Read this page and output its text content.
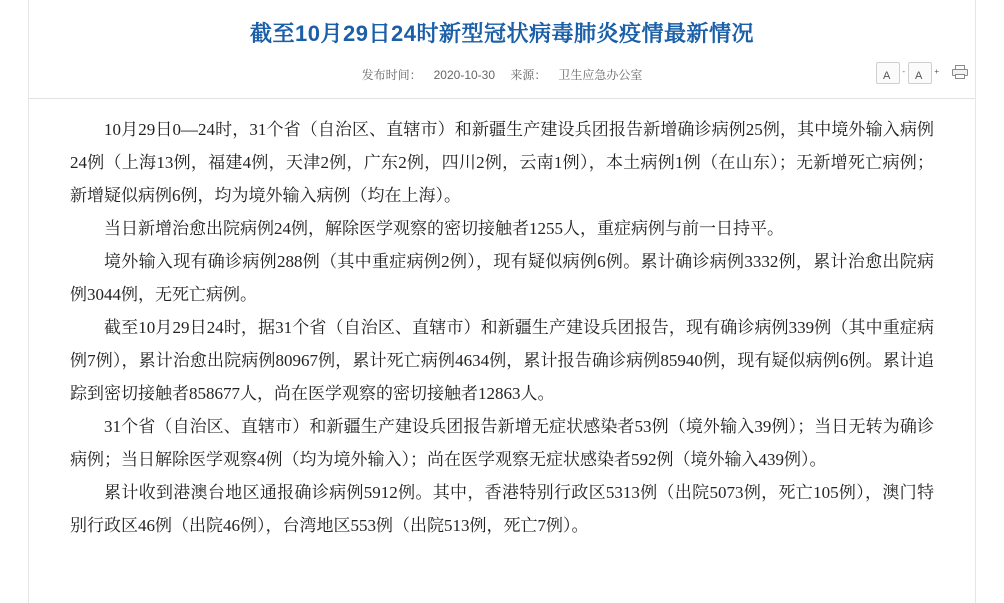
截至10月29日24时新型冠状病毒肺炎疫情最新情况
发布时间： 2020-10-30 来源： 卫生应急办公室	A - A +

10月29日0—24时，31个省（自治区、直辖市）和新疆生产建设兵团报告新增确诊病例25例，其中境外输入病例24例（上海13例，福建4例，天津2例，广东2例，四川2例，云南1例），本土病例1例（在山东）；无新增死亡病例；新增疑似病例6例，均为境外输入病例（均在上海）。

当日新增治愈出院病例24例，解除医学观察的密切接触者1255人，重症病例与前一日持平。

境外输入现有确诊病例288例（其中重症病例2例），现有疑似病例6例。累计确诊病例3332例，累计治愈出院病例3044例，无死亡病例。

截至10月29日24时，据31个省（自治区、直辖市）和新疆生产建设兵团报告，现有确诊病例339例（其中重症病例7例），累计治愈出院病例80967例，累计死亡病例4634例，累计报告确诊病例85940例，现有疑似病例6例。累计追踪到密切接触者858677人，尚在医学观察的密切接触者12863人。

31个省（自治区、直辖市）和新疆生产建设兵团报告新增无症状感染者53例（境外输入39例）；当日无转为确诊病例；当日解除医学观察4例（均为境外输入）；尚在医学观察无症状感染者592例（境外输入439例）。

累计收到港澳台地区通报确诊病例5912例。其中，香港特别行政区5313例（出院5073例，死亡105例），澳门特别行政区46例（出院46例），台湾地区553例（出院513例，死亡7例）。
